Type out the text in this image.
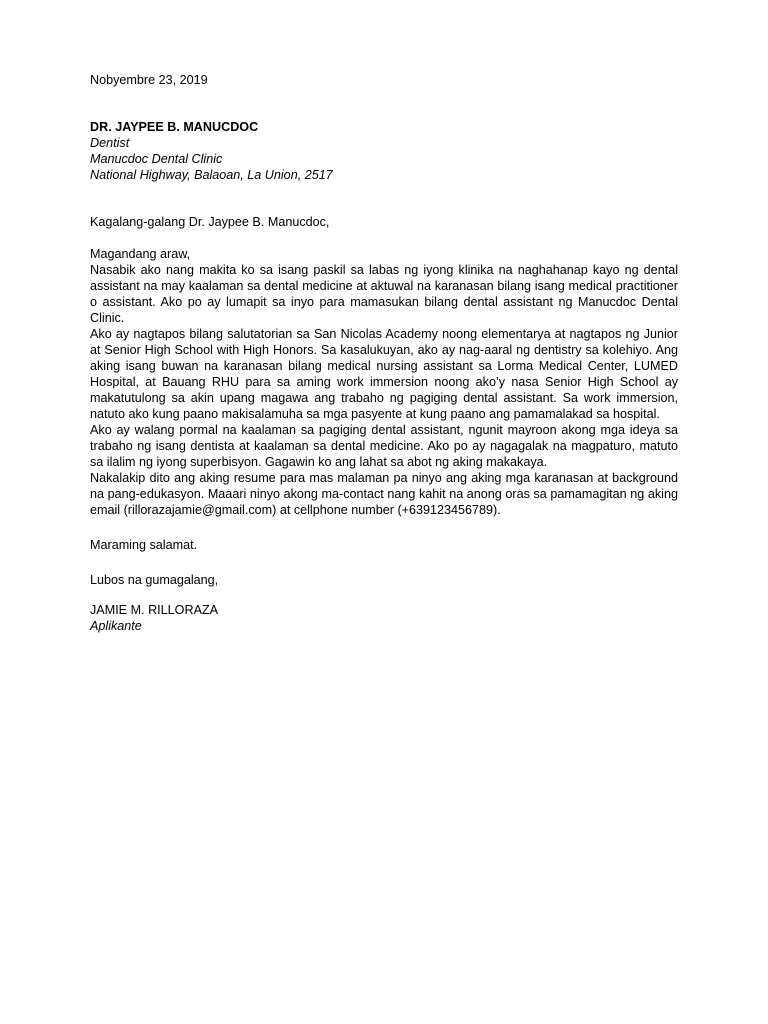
Nobyembre 23, 2019
DR. JAYPEE B. MANUCDOC
Dentist
Manucdoc Dental Clinic
National Highway, Balaoan, La Union, 2517
Kagalang-galang Dr. Jaypee B. Manucdoc,
Magandang araw,

Nasabik ako nang makita ko sa isang paskil sa labas ng iyong klinika na naghahanap kayo ng dental assistant na may kaalaman sa dental medicine at aktuwal na karanasan bilang isang medical practitioner o assistant. Ako po ay lumapit sa inyo para mamasukan bilang dental assistant ng Manucdoc Dental Clinic.

Ako ay nagtapos bilang salutatorian sa San Nicolas Academy noong elementarya at nagtapos ng Junior at Senior High School with High Honors. Sa kasalukuyan, ako ay nag-aaral ng dentistry sa kolehiyo. Ang aking isang buwan na karanasan bilang medical nursing assistant sa Lorma Medical Center, LUMED Hospital, at Bauang RHU para sa aming work immersion noong ako’y nasa Senior High School ay makatutulong sa akin upang magawa ang trabaho ng pagiging dental assistant. Sa work immersion, natuto ako kung paano makisalamuha sa mga pasyente at kung paano ang pamamalakad sa hospital.

Ako ay walang pormal na kaalaman sa pagiging dental assistant, ngunit mayroon akong mga ideya sa trabaho ng isang dentista at kaalaman sa dental medicine. Ako po ay nagagalak na magpaturo, matuto sa ilalim ng iyong superbisyon. Gagawin ko ang lahat sa abot ng aking makakaya.

Nakalakip dito ang aking resume para mas malaman pa ninyo ang aking mga karanasan at background na pang-edukasyon. Maaari ninyo akong ma-contact nang kahit na anong oras sa pamamagitan ng aking email (rillorazajamie@gmail.com) at cellphone number (+639123456789).

Maraming salamat.
Lubos na gumagalang,
JAMIE M. RILLORAZA
Aplikante
